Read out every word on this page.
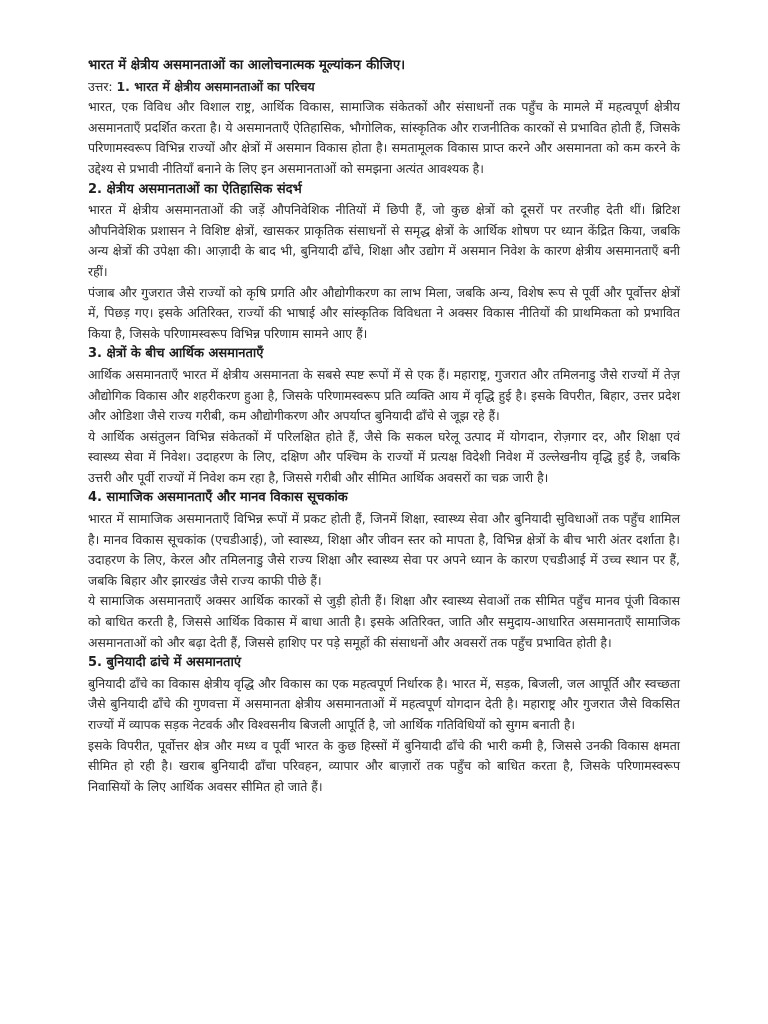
भारत में क्षेत्रीय असमानताओं का आलोचनात्मक मूल्यांकन कीजिए।
उत्तर: 1. भारत में क्षेत्रीय असमानताओं का परिचय

भारत, एक विविध और विशाल राष्ट्र, आर्थिक विकास, सामाजिक संकेतकों और संसाधनों तक पहुँच के मामले में महत्वपूर्ण क्षेत्रीय असमानताएँ प्रदर्शित करता है। ये असमानताएँ ऐतिहासिक, भौगोलिक, सांस्कृतिक और राजनीतिक कारकों से प्रभावित होती हैं, जिसके परिणामस्वरूप विभिन्न राज्यों और क्षेत्रों में असमान विकास होता है। समतामूलक विकास प्राप्त करने और असमानता को कम करने के उद्देश्य से प्रभावी नीतियाँ बनाने के लिए इन असमानताओं को समझना अत्यंत आवश्यक है।

2. क्षेत्रीय असमानताओं का ऐतिहासिक संदर्भ

भारत में क्षेत्रीय असमानताओं की जड़ें औपनिवेशिक नीतियों में छिपी हैं, जो कुछ क्षेत्रों को दूसरों पर तरजीह देती थीं। ब्रिटिश औपनिवेशिक प्रशासन ने विशिष्ट क्षेत्रों, खासकर प्राकृतिक संसाधनों से समृद्ध क्षेत्रों के आर्थिक शोषण पर ध्यान केंद्रित किया, जबकि अन्य क्षेत्रों की उपेक्षा की। आज़ादी के बाद भी, बुनियादी ढाँचे, शिक्षा और उद्योग में असमान निवेश के कारण क्षेत्रीय असमानताएँ बनी रहीं।

पंजाब और गुजरात जैसे राज्यों को कृषि प्रगति और औद्योगीकरण का लाभ मिला, जबकि अन्य, विशेष रूप से पूर्वी और पूर्वोत्तर क्षेत्रों में, पिछड़ गए। इसके अतिरिक्त, राज्यों की भाषाई और सांस्कृतिक विविधता ने अक्सर विकास नीतियों की प्राथमिकता को प्रभावित किया है, जिसके परिणामस्वरूप विभिन्न परिणाम सामने आए हैं।

3. क्षेत्रों के बीच आर्थिक असमानताएँ

आर्थिक असमानताएँ भारत में क्षेत्रीय असमानता के सबसे स्पष्ट रूपों में से एक हैं। महाराष्ट्र, गुजरात और तमिलनाडु जैसे राज्यों में तेज़ औद्योगिक विकास और शहरीकरण हुआ है, जिसके परिणामस्वरूप प्रति व्यक्ति आय में वृद्धि हुई है। इसके विपरीत, बिहार, उत्तर प्रदेश और ओडिशा जैसे राज्य गरीबी, कम औद्योगीकरण और अपर्याप्त बुनियादी ढाँचे से जूझ रहे हैं।

ये आर्थिक असंतुलन विभिन्न संकेतकों में परिलक्षित होते हैं, जैसे कि सकल घरेलू उत्पाद में योगदान, रोज़गार दर, और शिक्षा एवं स्वास्थ्य सेवा में निवेश। उदाहरण के लिए, दक्षिण और पश्चिम के राज्यों में प्रत्यक्ष विदेशी निवेश में उल्लेखनीय वृद्धि हुई है, जबकि उत्तरी और पूर्वी राज्यों में निवेश कम रहा है, जिससे गरीबी और सीमित आर्थिक अवसरों का चक्र जारी है।

4. सामाजिक असमानताएँ और मानव विकास सूचकांक

भारत में सामाजिक असमानताएँ विभिन्न रूपों में प्रकट होती हैं, जिनमें शिक्षा, स्वास्थ्य सेवा और बुनियादी सुविधाओं तक पहुँच शामिल है। मानव विकास सूचकांक (एचडीआई), जो स्वास्थ्य, शिक्षा और जीवन स्तर को मापता है, विभिन्न क्षेत्रों के बीच भारी अंतर दर्शाता है। उदाहरण के लिए, केरल और तमिलनाडु जैसे राज्य शिक्षा और स्वास्थ्य सेवा पर अपने ध्यान के कारण एचडीआई में उच्च स्थान पर हैं, जबकि बिहार और झारखंड जैसे राज्य काफी पीछे हैं।

ये सामाजिक असमानताएँ अक्सर आर्थिक कारकों से जुड़ी होती हैं। शिक्षा और स्वास्थ्य सेवाओं तक सीमित पहुँच मानव पूंजी विकास को बाधित करती है, जिससे आर्थिक विकास में बाधा आती है। इसके अतिरिक्त, जाति और समुदाय-आधारित असमानताएँ सामाजिक असमानताओं को और बढ़ा देती हैं, जिससे हाशिए पर पड़े समूहों की संसाधनों और अवसरों तक पहुँच प्रभावित होती है।

5. बुनियादी ढांचे में असमानताएं

बुनियादी ढाँचे का विकास क्षेत्रीय वृद्धि और विकास का एक महत्वपूर्ण निर्धारक है। भारत में, सड़क, बिजली, जल आपूर्ति और स्वच्छता जैसे बुनियादी ढाँचे की गुणवत्ता में असमानता क्षेत्रीय असमानताओं में महत्वपूर्ण योगदान देती है। महाराष्ट्र और गुजरात जैसे विकसित राज्यों में व्यापक सड़क नेटवर्क और विश्वसनीय बिजली आपूर्ति है, जो आर्थिक गतिविधियों को सुगम बनाती है।

इसके विपरीत, पूर्वोत्तर क्षेत्र और मध्य व पूर्वी भारत के कुछ हिस्सों में बुनियादी ढाँचे की भारी कमी है, जिससे उनकी विकास क्षमता सीमित हो रही है। खराब बुनियादी ढाँचा परिवहन, व्यापार और बाज़ारों तक पहुँच को बाधित करता है, जिसके परिणामस्वरूप निवासियों के लिए आर्थिक अवसर सीमित हो जाते हैं।
